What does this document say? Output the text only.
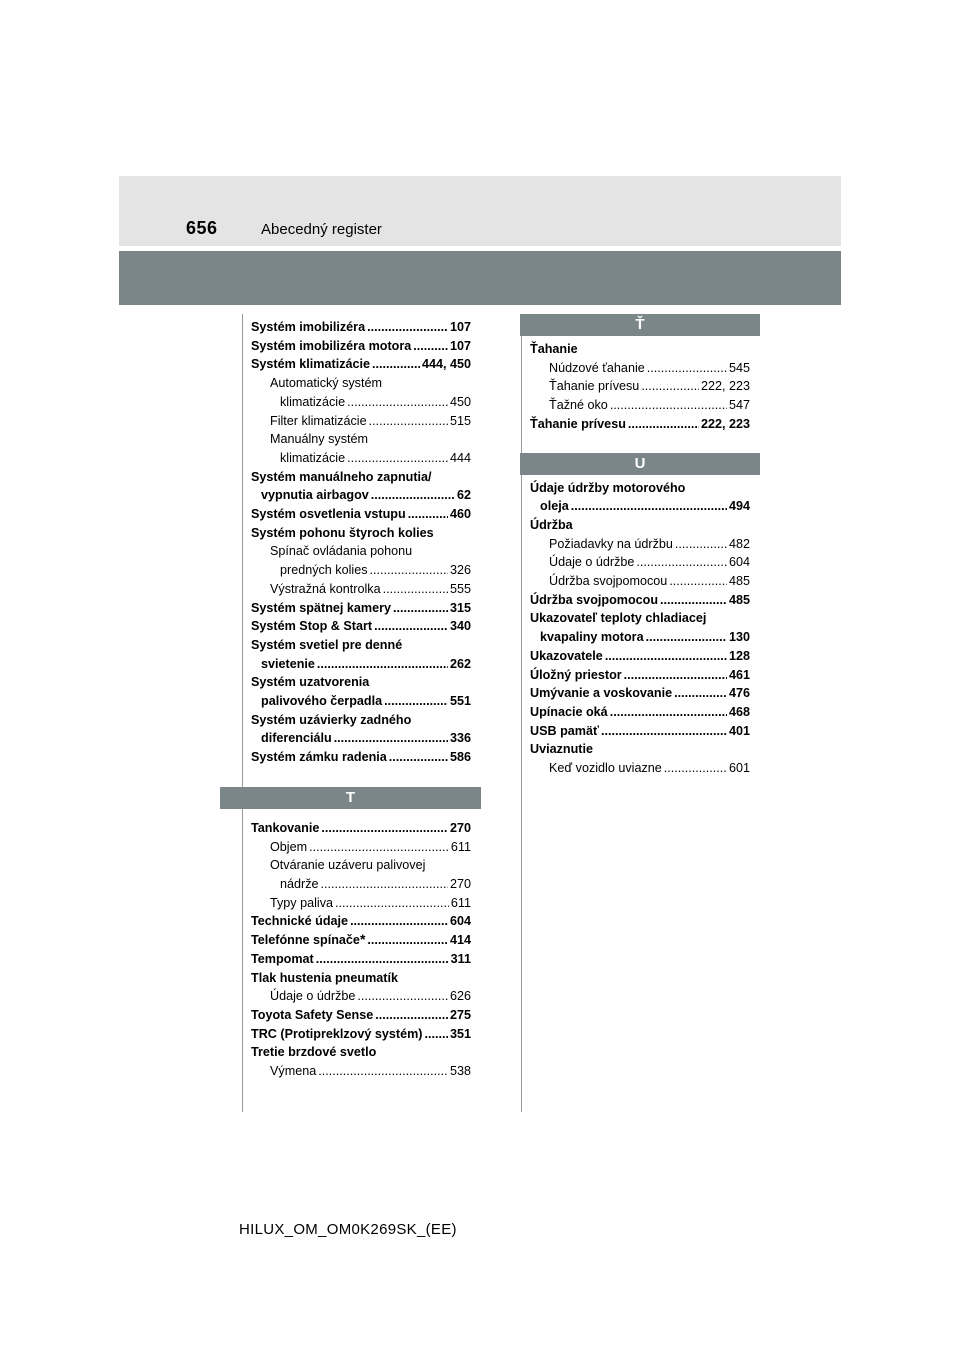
656	Abecedný register
Systém imobilizéra .....	107
Systém imobilizéra motora .....	107
Systém klimatizácie .....	444, 450
Automatický systém
klimatizácie .....	450
Filter klimatizácie .....	515
Manuálny systém
klimatizácie .....	444
Systém manuálneho zapnutia/
vypnutia airbagov .....	62
Systém osvetlenia vstupu .....	460
Systém pohonu štyroch kolies
Spínač ovládania pohonu
predných kolies .....	326
Výstražná kontrolka .....	555
Systém spätnej kamery .....	315
Systém Stop & Start .....	340
Systém svetiel pre denné
svietenie .....	262
Systém uzatvorenia
palivového čerpadla .....	551
Systém uzávierky zadného
diferenciálu .....	336
Systém zámku radenia .....	586
T
Tankovanie .....	270
Objem .....	611
Otváranie uzáveru palivovej
nádrže .....	270
Typy paliva .....	611
Technické údaje .....	604
Telefónne spínače * .....	414
Tempomat .....	311
Tlak hustenia pneumatík
Údaje o údržbe .....	626
Toyota Safety Sense .....	275
TRC (Protipreklzový systém) ..... 351
Tretie brzdové svetlo
Výmena .....	538
Ť
Ťahanie
Núdzové ťahanie .....	545
Ťahanie prívesu .....	222, 223
Ťažné oko .....	547
Ťahanie prívesu .....	222, 223
U
Údaje údržby motorového
oleja .....	494
Údržba
Požiadavky na údržbu .....	482
Údaje o údržbe .....	604
Údržba svojpomocou .....	485
Údržba svojpomocou .....	485
Ukazovateľ teploty chladiacej
kvapaliny motora .....	130
Ukazovatele .....	128
Úložný priestor .....	461
Umývanie a voskovanie .....	476
Upínacie oká .....	468
USB pamäť .....	401
Uviaznutie
Keď vozidlo uviazne .....	601
HILUX_OM_OM0K269SK_(EE)
